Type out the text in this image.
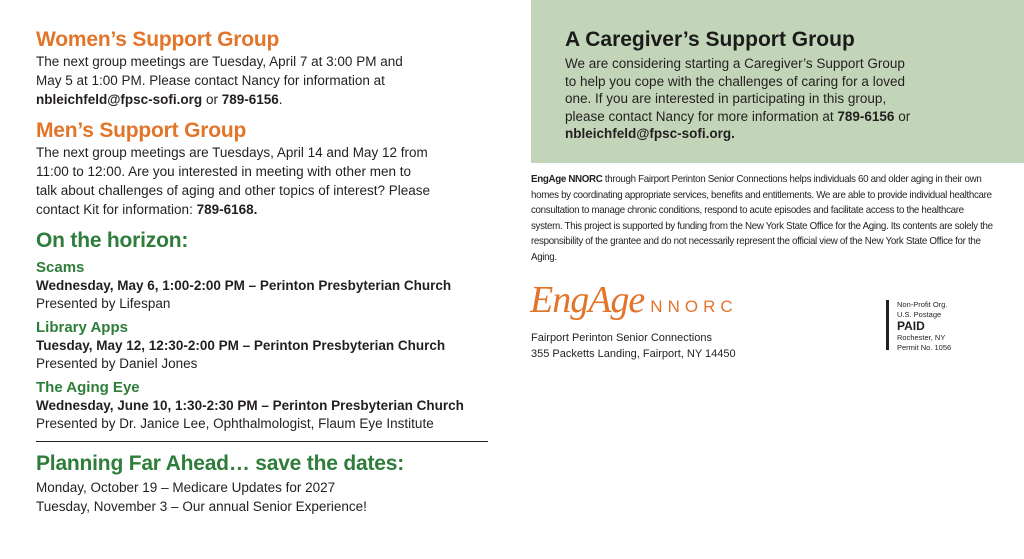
Women’s Support Group

The next group meetings are Tuesday, April 7 at 3:00 PM and
May 5 at 1:00 PM. Please contact Nancy for information at
nbleichfeld@fpsc-sofi.org or 789-6156.

Men’s Support Group

The next group meetings are Tuesdays, April 14 and May 12 from
11:00 to 12:00. Are you interested in meeting with other men to
talk about challenges of aging and other topics of interest? Please
contact Kit for information: 789-6168.

On the horizon:
Scams
Wednesday, May 6, 1:00-2:00 PM – Perinton Presbyterian Church
Presented by Lifespan
Library Apps
Tuesday, May 12, 12:30-2:00 PM – Perinton Presbyterian Church
Presented by Daniel Jones
The Aging Eye
Wednesday, June 10, 1:30-2:30 PM – Perinton Presbyterian Church
Presented by Dr. Janice Lee, Ophthalmologist, Flaum Eye Institute
Planning Far Ahead… save the dates:

Monday, October 19 – Medicare Updates for 2027
Tuesday, November 3 – Our annual Senior Experience!

A Caregiver’s Support Group

We are considering starting a Caregiver’s Support Group
to help you cope with the challenges of caring for a loved
one. If you are interested in participating in this group,
please contact Nancy for more information at 789-6156 or
nbleichfeld@fpsc-sofi.org.

EngAge NNORC through Fairport Perinton Senior Connections helps individuals 60 and older aging in their own homes by coordinating appropriate services, benefits and entitlements. We are able to provide individual healthcare consultation to manage chronic conditions, respond to acute episodes and facilitate access to the healthcare system. This project is supported by funding from the New York State Office for the Aging. Its contents are solely the responsibility of the grantee and do not necessarily represent the official view of the New York State Office for the Aging.

EngAge NNORC
Fairport Perinton Senior Connections
355 Packetts Landing, Fairport, NY 14450
Non-Profit Org.
U.S. Postage
PAID
Rochester, NY
Permit No. 1056
